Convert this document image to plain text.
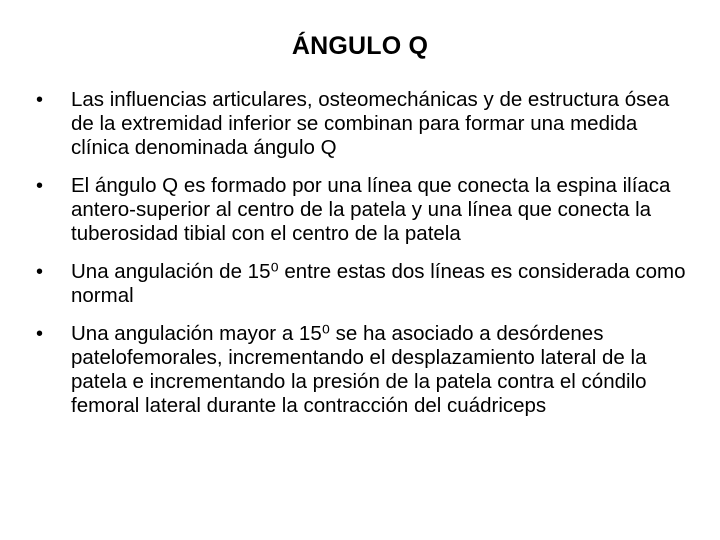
ÁNGULO Q
•	Las influencias articulares, osteomechánicas y de estructura ósea de la extremidad inferior se combinan para formar una medida clínica denominada ángulo Q
•	El ángulo Q es formado por una línea que conecta la espina ilíaca antero-superior al centro de la patela y una línea que conecta la tuberosidad tibial con el centro de la patela
•	Una angulación de 15⁰ entre estas dos líneas es considerada como normal
•	Una angulación mayor a 15⁰ se ha asociado a desórdenes patelofemorales, incrementando el desplazamiento lateral de la patela e incrementando la presión de la patela contra el cóndilo femoral lateral durante la contracción del cuádriceps
